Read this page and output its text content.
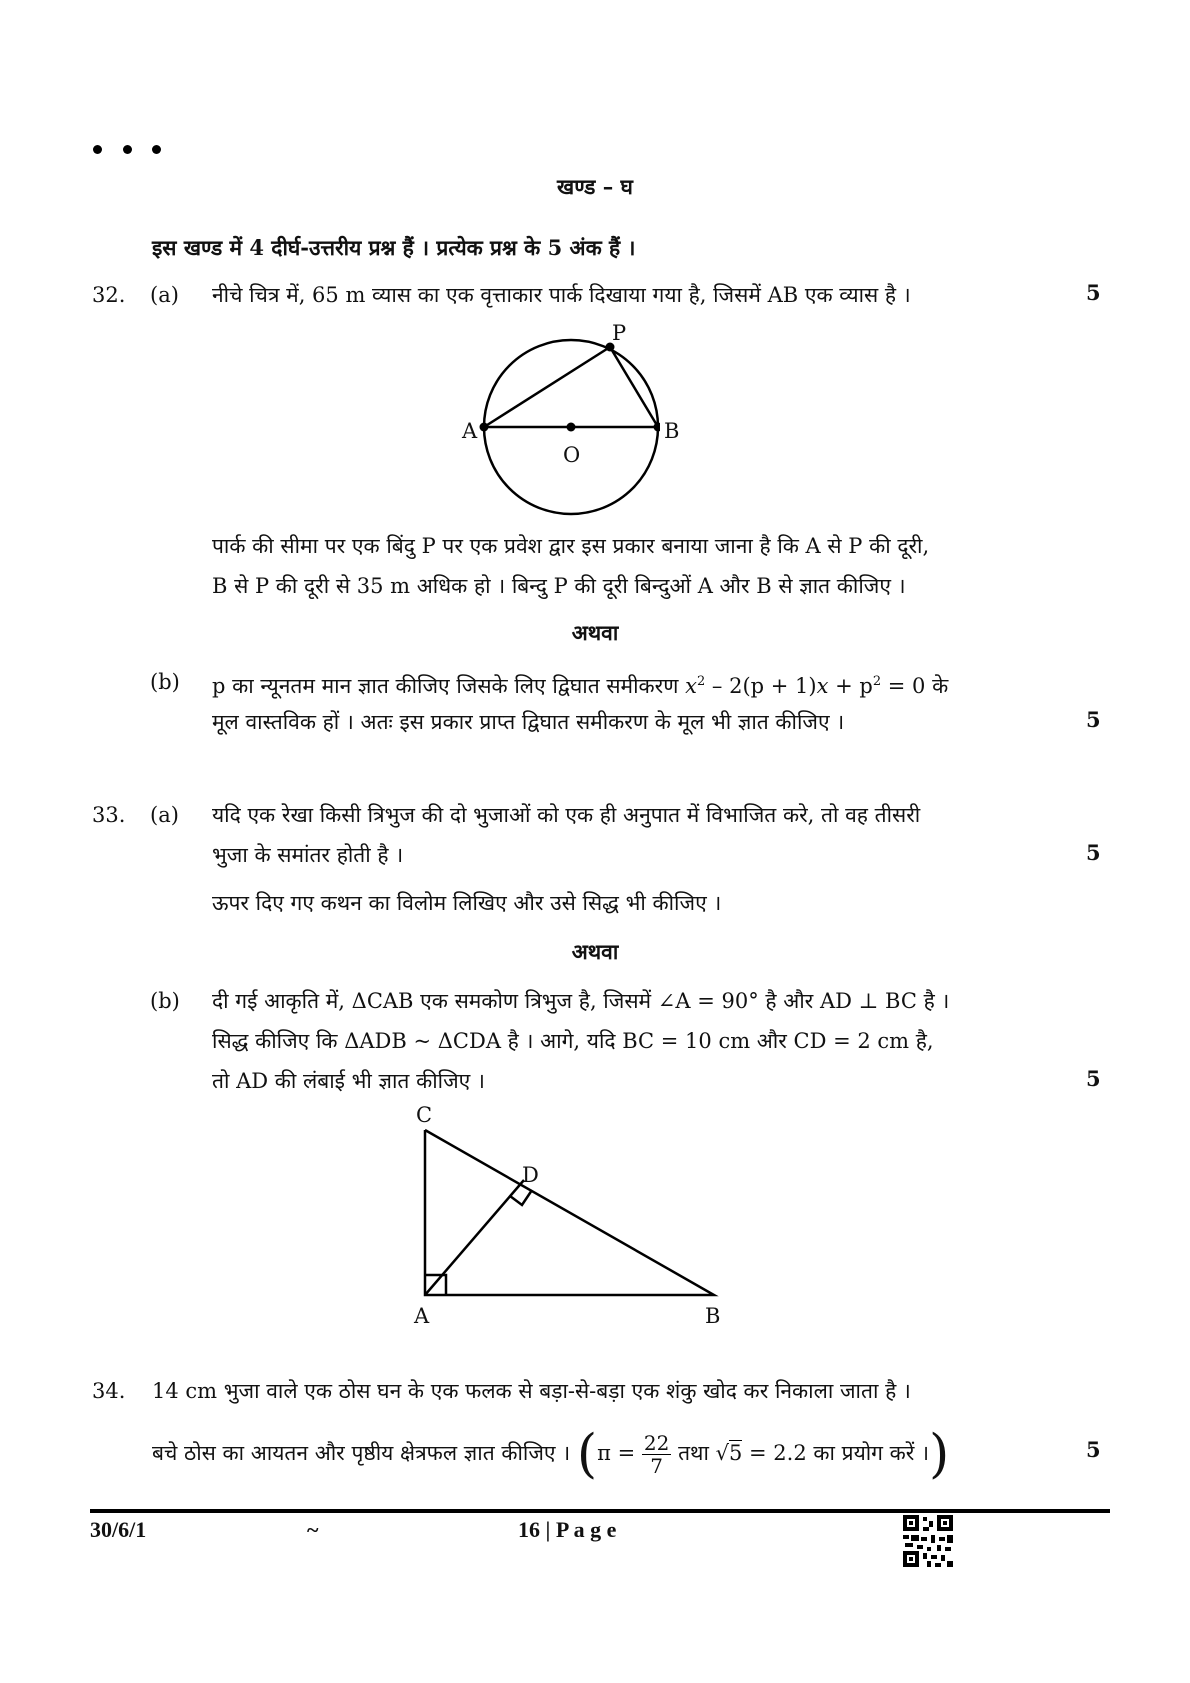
खण्ड – घ
इस खण्ड में 4 दीर्घ-उत्तरीय प्रश्न हैं । प्रत्येक प्रश्न के 5 अंक हैं ।
32. (a) नीचे चित्र में, 65 m व्यास का एक वृत्ताकार पार्क दिखाया गया है, जिसमें AB एक व्यास है ।	5
P
A	B
O
पार्क की सीमा पर एक बिंदु P पर एक प्रवेश द्वार इस प्रकार बनाया जाना है कि A से P की दूरी,
B से P की दूरी से 35 m अधिक हो । बिन्दु P की दूरी बिन्दुओं A और B से ज्ञात कीजिए ।
अथवा
(b) p का न्यूनतम मान ज्ञात कीजिए जिसके लिए द्विघात समीकरण $x^2 - 2(p + 1)x + p^2 = 0$ के
मूल वास्तविक हों । अतः इस प्रकार प्राप्त द्विघात समीकरण के मूल भी ज्ञात कीजिए ।	5
33. (a) यदि एक रेखा किसी त्रिभुज की दो भुजाओं को एक ही अनुपात में विभाजित करे, तो वह तीसरी
भुजा के समांतर होती है ।	5
ऊपर दिए गए कथन का विलोम लिखिए और उसे सिद्ध भी कीजिए ।
अथवा
(b) दी गई आकृति में, ΔCAB एक समकोण त्रिभुज है, जिसमें ∠A = 90° है और AD ⊥ BC है ।
सिद्ध कीजिए कि ΔADB ~ ΔCDA है । आगे, यदि BC = 10 cm और CD = 2 cm है,
तो AD की लंबाई भी ज्ञात कीजिए ।	5
C
D
A	B
34. 14 cm भुजा वाले एक ठोस घन के एक फलक से बड़ा-से-बड़ा एक शंकु खोद कर निकाला जाता है ।
बचे ठोस का आयतन और पृष्ठीय क्षेत्रफल ज्ञात कीजिए । ($\pi = \frac{22}{7}$ तथा √5 = 2.2 का प्रयोग करें ।)	5
30/6/1	~	16 | P a g e
